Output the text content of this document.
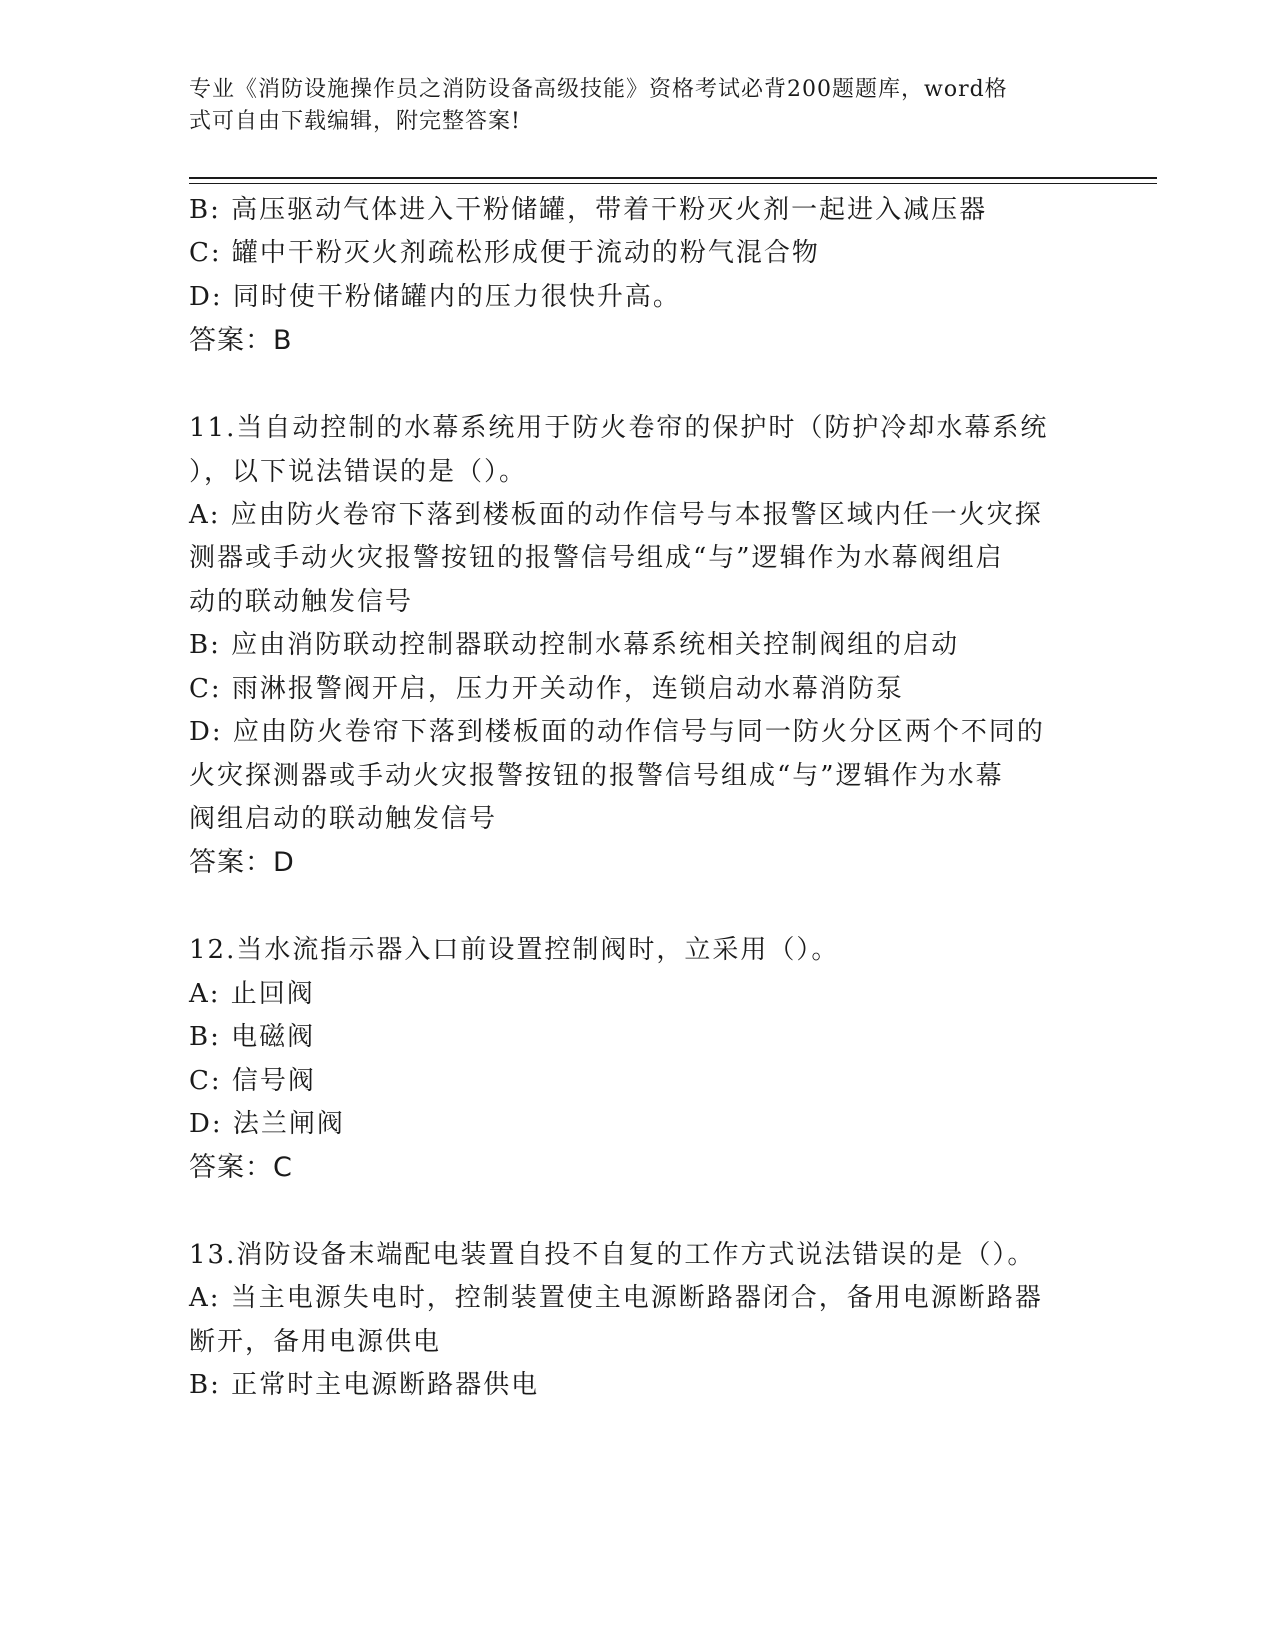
专业《消防设施操作员之消防设备高级技能》资格考试必背200题题库，word格
式可自由下载编辑，附完整答案!
B: 高压驱动气体进入干粉储罐，带着干粉灭火剂一起进入减压器
C: 罐中干粉灭火剂疏松形成便于流动的粉气混合物
D: 同时使干粉储罐内的压力很快升高。
答案：B
11.当自动控制的水幕系统用于防火卷帘的保护时（防护冷却水幕系统
），以下说法错误的是（）。
A: 应由防火卷帘下落到楼板面的动作信号与本报警区域内任一火灾探
测器或手动火灾报警按钮的报警信号组成“与”逻辑作为水幕阀组启
动的联动触发信号
B: 应由消防联动控制器联动控制水幕系统相关控制阀组的启动
C: 雨淋报警阀开启，压力开关动作，连锁启动水幕消防泵
D: 应由防火卷帘下落到楼板面的动作信号与同一防火分区两个不同的
火灾探测器或手动火灾报警按钮的报警信号组成“与”逻辑作为水幕
阀组启动的联动触发信号
答案：D
12.当水流指示器入口前设置控制阀时，立采用（）。
A: 止回阀
B: 电磁阀
C: 信号阀
D: 法兰闸阀
答案：C
13.消防设备末端配电装置自投不自复的工作方式说法错误的是（）。
A: 当主电源失电时，控制装置使主电源断路器闭合，备用电源断路器
断开，备用电源供电
B: 正常时主电源断路器供电
